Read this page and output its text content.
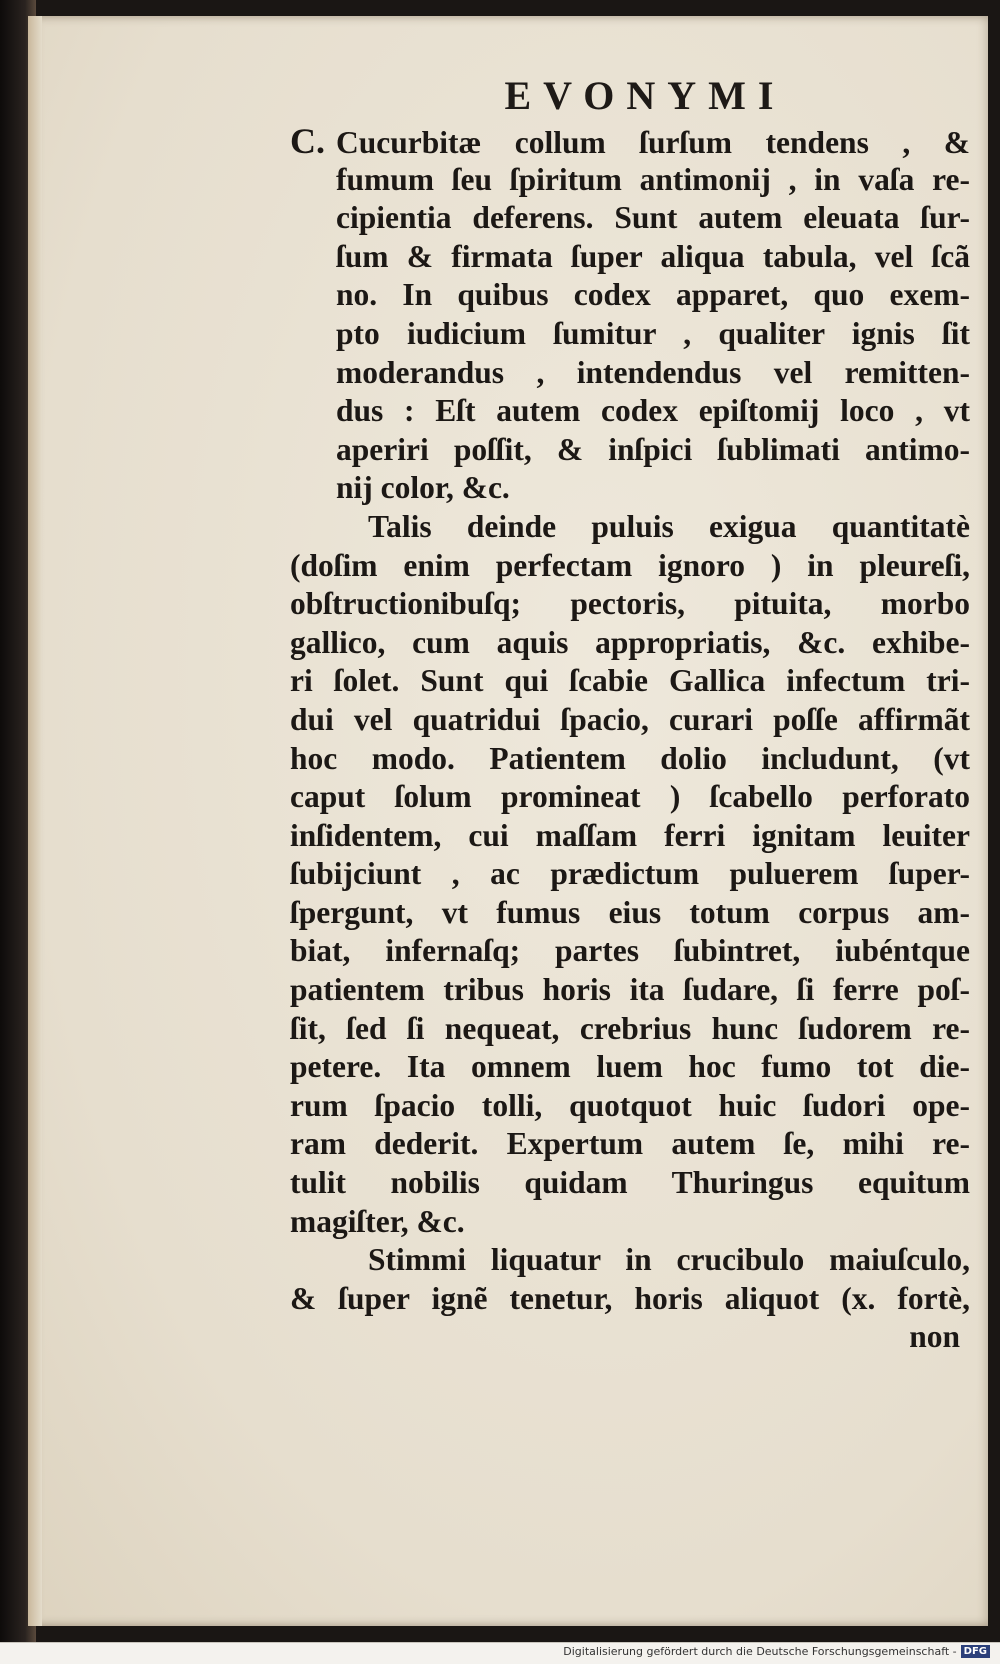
EVONYMI
C. Cucurbitæ collum ſurſum tendens , &
fumum ſeu ſpiritum antimonij , in vaſa re-
cipientia deferens. Sunt autem eleuata ſur-
ſum & firmata ſuper aliqua tabula, vel ſcã
no. In quibus codex apparet, quo exem-
pto iudicium ſumitur , qualiter ignis ſit
moderandus , intendendus vel remitten-
dus : Eſt autem codex epiſtomij loco , vt
aperiri poſſit, & inſpici ſublimati antimo-
nij color, &c.
Talis deinde puluis exigua quantitatè
(doſim enim perfectam ignoro ) in pleureſi,
obſtructionibuſq; pectoris, pituita, morbo
gallico, cum aquis appropriatis, &c. exhibe-
ri ſolet. Sunt qui ſcabie Gallica infectum tri-
dui vel quatridui ſpacio, curari poſſe affirmãt
hoc modo. Patientem dolio includunt, (vt
caput ſolum promineat ) ſcabello perforato
inſidentem, cui maſſam ferri ignitam leuiter
ſubijciunt , ac prædictum puluerem ſuper-
ſpergunt, vt fumus eius totum corpus am-
biat, infernaſq; partes ſubintret, iubéntque
patientem tribus horis ita ſudare, ſi ferre poſ-
ſit, ſed ſi nequeat, crebrius hunc ſudorem re-
petere. Ita omnem luem hoc fumo tot die-
rum ſpacio tolli, quotquot huic ſudori ope-
ram dederit. Expertum autem ſe, mihi re-
tulit nobilis quidam Thuringus equitum
magiſter, &c.
Stimmi liquatur in crucibulo maiuſculo,
& ſuper ignẽ tenetur, horis aliquot (x. fortè,
non
Digitalisierung gefördert durch die Deutsche Forschungsgemeinschaft - DFG
